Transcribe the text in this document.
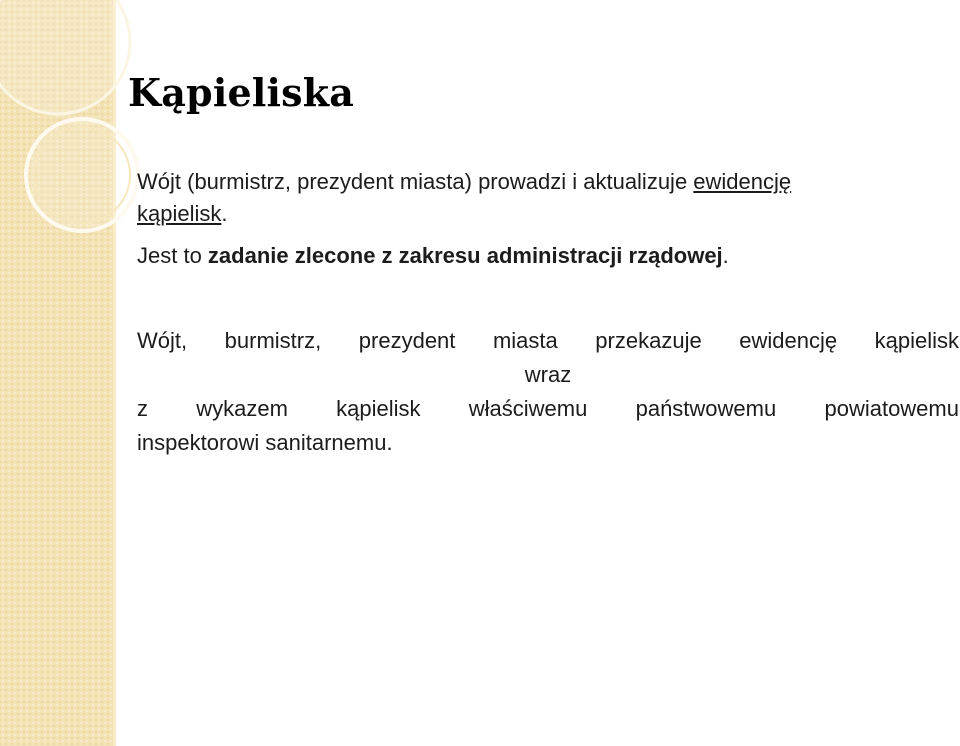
Kąpieliska

Wójt (burmistrz, prezydent miasta) prowadzi i aktualizuje ewidencję
kąpielisk.

Jest to zadanie zlecone z zakresu administracji rządowej.

Wójt, burmistrz, prezydent miasta przekazuje ewidencję kąpielisk
wraz
z wykazem kąpielisk właściwemu państwowemu powiatowemu
inspektorowi sanitarnemu.
